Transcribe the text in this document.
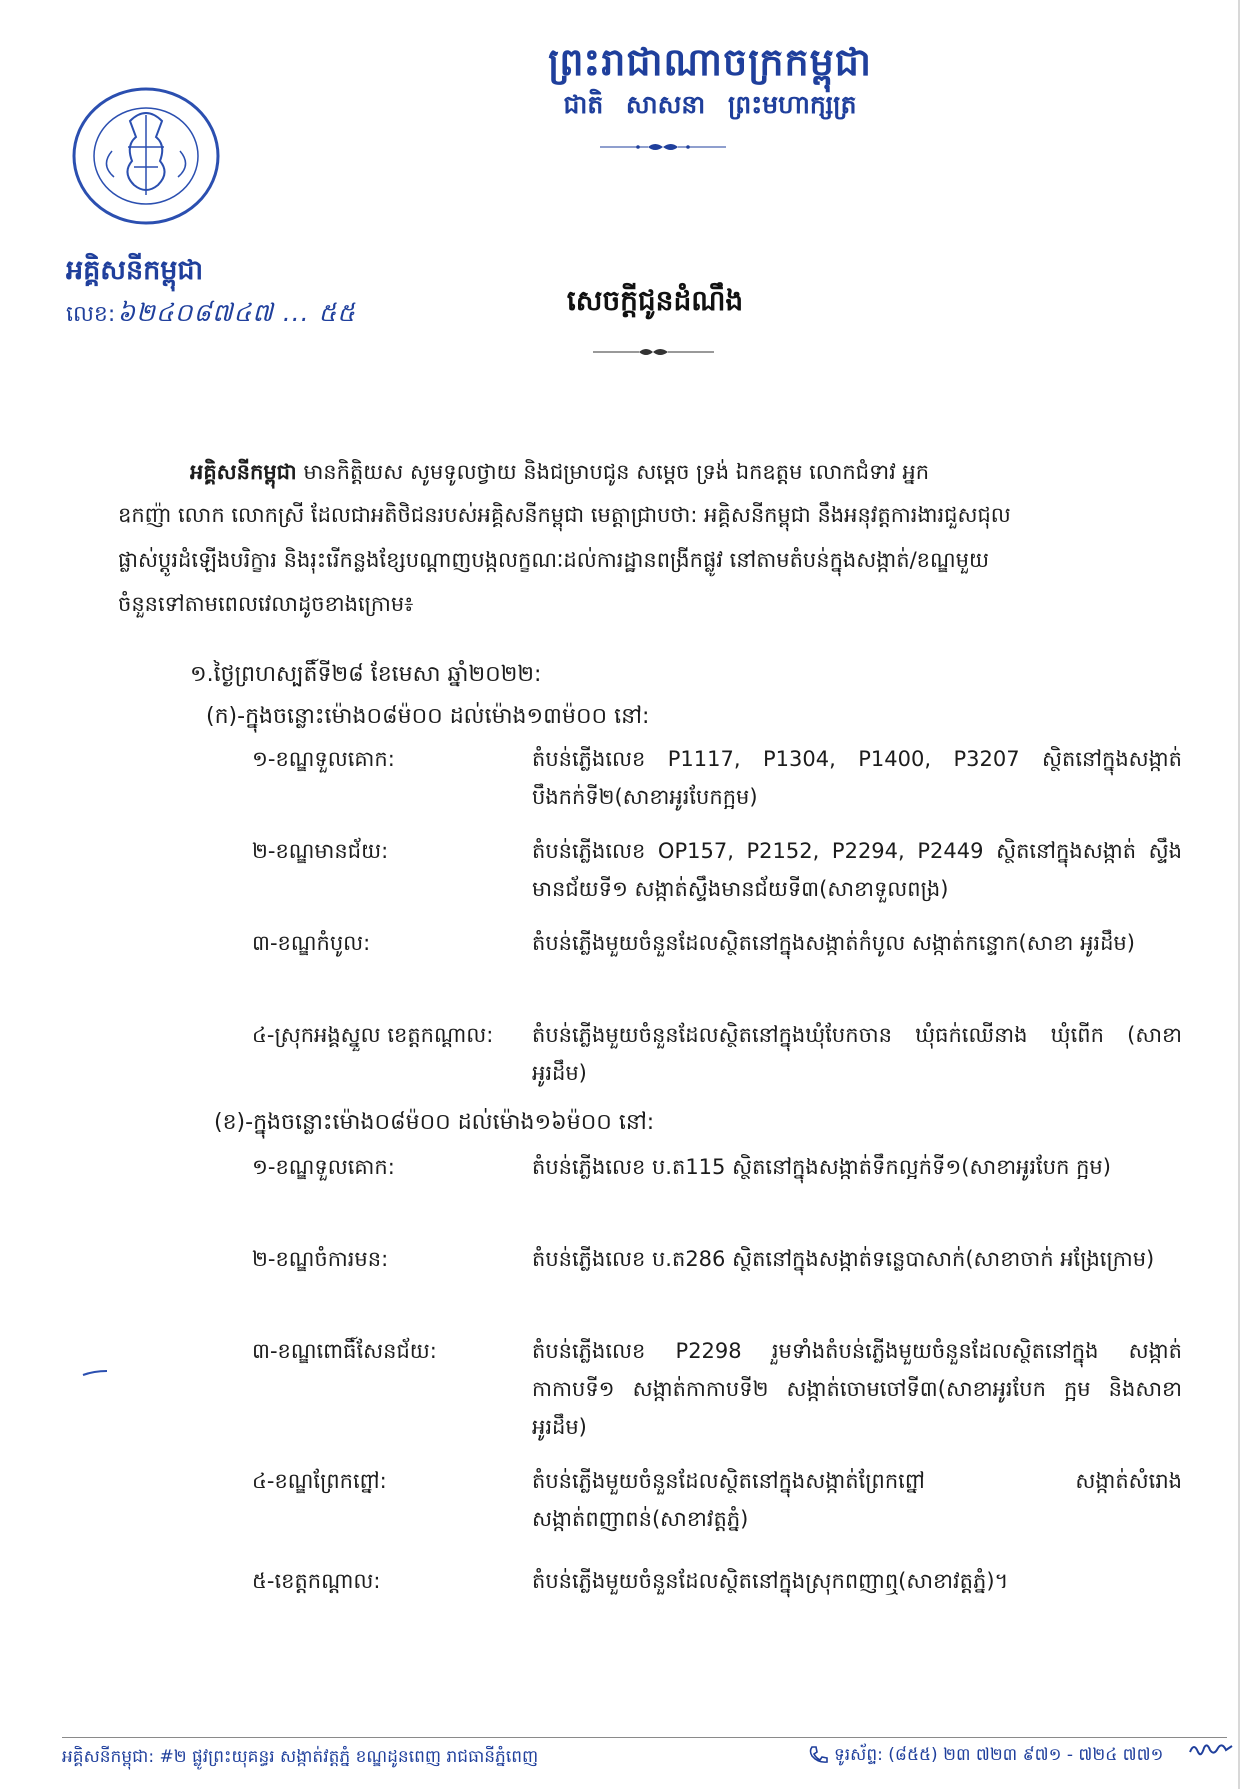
ព្រះរាជាណាចក្រកម្ពុជា
ជាតិ សាសនា ព្រះមហាក្សត្រ
អគ្គិសនីកម្ពុជា
លេខ:៦២៤០៨៧៤៧ ... ៥៥	សេចក្តីជូនដំណឹង
អគ្គិសនីកម្ពុជា មានកិត្តិយស សូមទូលថ្វាយ និងជម្រាបជូន សម្តេច ទ្រង់ ឯកឧត្តម លោកជំទាវ អ្នក
ឧកញ៉ា លោក លោកស្រី ដែលជាអតិថិជនរបស់អគ្គិសនីកម្ពុជា មេត្តាជ្រាបថា: អគ្គិសនីកម្ពុជា នឹងអនុវត្តការងារជួសជុល
ផ្លាស់ប្តូរដំឡើងបរិក្ខារ និងរុះរើកន្លងខ្សែបណ្តាញបង្កលក្ខណៈដល់ការដ្ឋានពង្រីកផ្លូវ នៅតាមតំបន់ក្នុងសង្កាត់/ខណ្ឌមួយ
ចំនួនទៅតាមពេលវេលាដូចខាងក្រោម៖
១.ថ្ងៃព្រហស្បតិ៍ទី២៨ ខែមេសា ឆ្នាំ២០២២:
(ក)-ក្នុងចន្លោះម៉ោង០៨ម៉០០ ដល់ម៉ោង១៣ម៉០០ នៅ:
១-ខណ្ឌទួលគោក:	តំបន់ភ្លើងលេខ P1117, P1304, P1400, P3207 ស្ថិតនៅក្នុងសង្កាត់ បឹងកក់ទី២(សាខាអូរបែកក្អម)
២-ខណ្ឌមានជ័យ:	តំបន់ភ្លើងលេខ OP157, P2152, P2294, P2449 ស្ថិតនៅក្នុងសង្កាត់ ស្ទឹងមានជ័យទី១ សង្កាត់ស្ទឹងមានជ័យទី៣(សាខាទួលពង្រ)
៣-ខណ្ឌកំបូល:	តំបន់ភ្លើងមួយចំនួនដែលស្ថិតនៅក្នុងសង្កាត់កំបូល សង្កាត់កន្ទោក(សាខា អូរដឹម)
៤-ស្រុកអង្គស្នួល ខេត្តកណ្តាល: តំបន់ភ្លើងមួយចំនួនដែលស្ថិតនៅក្នុងឃុំបែកចាន ឃុំធក់ឈើនាង ឃុំពើក (សាខាអូរដឹម)
(ខ)-ក្នុងចន្លោះម៉ោង០៨ម៉០០ ដល់ម៉ោង១៦ម៉០០ នៅ:
១-ខណ្ឌទួលគោក:	តំបន់ភ្លើងលេខ ប.ត115 ស្ថិតនៅក្នុងសង្កាត់ទឹកល្អក់ទី១(សាខាអូរបែក ក្អម)
២-ខណ្ឌចំការមន:	តំបន់ភ្លើងលេខ ប.ត286 ស្ថិតនៅក្នុងសង្កាត់ទន្លេបាសាក់(សាខាចាក់ អង្រែក្រោម)
៣-ខណ្ឌពោធិ៍សែនជ័យ:	តំបន់ភ្លើងលេខ P2298 រួមទាំងតំបន់ភ្លើងមួយចំនួនដែលស្ថិតនៅក្នុង សង្កាត់កាកាបទី១ សង្កាត់កាកាបទី២ សង្កាត់ចោមចៅទី៣(សាខាអូរបែក ក្អម និងសាខាអូរដឹម)
៤-ខណ្ឌព្រែកព្នៅ:	តំបន់ភ្លើងមួយចំនួនដែលស្ថិតនៅក្នុងសង្កាត់ព្រែកព្នៅ សង្កាត់សំរោង សង្កាត់ពញាពន់(សាខាវត្តភ្នំ)
៥-ខេត្តកណ្តាល:	តំបន់ភ្លើងមួយចំនួនដែលស្ថិតនៅក្នុងស្រុកពញាឮ(សាខាវត្តភ្នំ)។
អគ្គិសនីកម្ពុជា: #២ ផ្លូវព្រះយុគន្ធរ សង្កាត់វត្តភ្នំ ខណ្ឌដូនពេញ រាជធានីភ្នំពេញ	ទូរស័ព្ទ: (៨៥៥) ២៣ ៧២៣ ៩៧១ - ៧២៤ ៧៧១
